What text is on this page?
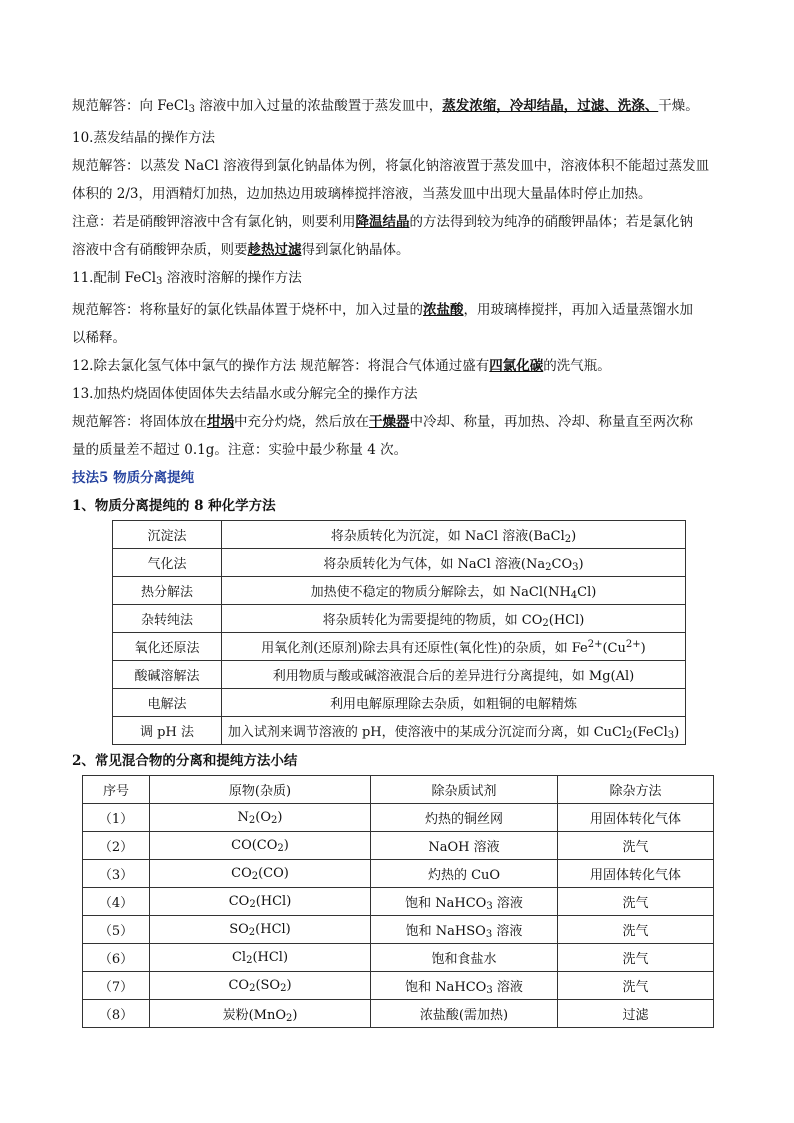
规范解答：向 FeCl$_3$ 溶液中加入过量的浓盐酸置于蒸发皿中，蒸发浓缩，冷却结晶，过滤、洗涤、干燥。

10.蒸发结晶的操作方法

规范解答：以蒸发 NaCl 溶液得到氯化钠晶体为例，将氯化钠溶液置于蒸发皿中，溶液体积不能超过蒸发皿

体积的 2/3，用酒精灯加热，边加热边用玻璃棒搅拌溶液，当蒸发皿中出现大量晶体时停止加热。

注意：若是硝酸钾溶液中含有氯化钠，则要利用降温结晶的方法得到较为纯净的硝酸钾晶体；若是氯化钠

溶液中含有硝酸钾杂质，则要趁热过滤得到氯化钠晶体。

11.配制 FeCl$_3$ 溶液时溶解的操作方法

规范解答：将称量好的氯化铁晶体置于烧杯中，加入过量的浓盐酸，用玻璃棒搅拌，再加入适量蒸馏水加

以稀释。

12.除去氯化氢气体中氯气的操作方法 规范解答：将混合气体通过盛有四氯化碳的洗气瓶。

13.加热灼烧固体使固体失去结晶水或分解完全的操作方法

规范解答：将固体放在坩埚中充分灼烧，然后放在干燥器中冷却、称量，再加热、冷却、称量直至两次称

量的质量差不超过 0.1g。注意：实验中最少称量 4 次。

技法5 物质分离提纯

1、物质分离提纯的 8 种化学方法

沉淀法	将杂质转化为沉淀，如 NaCl 溶液(BaCl$_2$)
气化法	将杂质转化为气体，如 NaCl 溶液$(Na_2CO_3)$
热分解法	加热使不稳定的物质分解除去，如 $NaCl(NH_4Cl)$
杂转纯法	将杂质转化为需要提纯的物质，如 $CO_2(HCl)$
氧化还原法	用氧化剂(还原剂)除去具有还原性(氧化性)的杂质，如 $Fe^{2+}(Cu^{2+})$
酸碱溶解法	利用物质与酸或碱溶液混合后的差异进行分离提纯，如 Mg(Al)
电解法	利用电解原理除去杂质，如粗铜的电解精炼
调 pH 法	加入试剂来调节溶液的 pH，使溶液中的某成分沉淀而分离，如 CuCl$_2$(FeCl$_3$)

2、常见混合物的分离和提纯方法小结

序号	原物(杂质)	除杂质试剂	除杂方法
（1）	$N_2(O_2)$	灼热的铜丝网	用固体转化气体
（2）	$CO(CO_2)$	NaOH 溶液	洗气
（3）	$CO_2(CO)$	灼热的 CuO	用固体转化气体
（4）	$CO_2(HCl)$	饱和 NaHCO$_3$ 溶液	洗气
（5）	$SO_2(HCl)$	饱和 NaHSO$_3$ 溶液	洗气
（6）	$Cl_2(HCl)$	饱和食盐水	洗气
（7）	$CO_2(SO_2)$	饱和 NaHCO$_3$ 溶液	洗气
（8）	炭粉(MnO$_2$)	浓盐酸(需加热)	过滤
